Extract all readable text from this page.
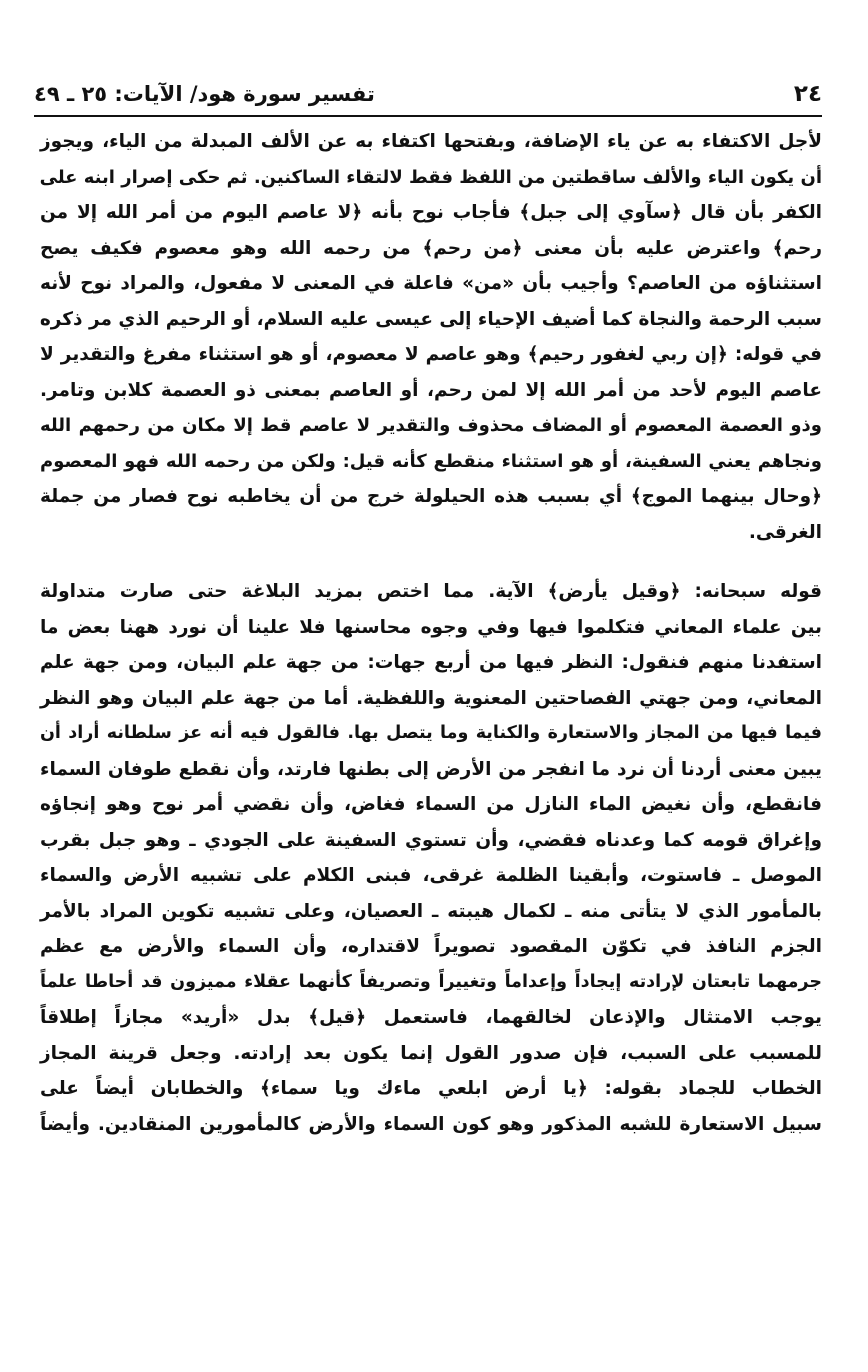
٢٤
تفسير سورة هود/ الآيات: ٢٥ ـ ٤٩

لأجل الاكتفاء به عن ياء الإضافة، وبفتحها اكتفاء به عن الألف المبدلة من الياء، ويجوز

أن يكون الياء والألف ساقطتين من اللفظ فقط لالتقاء الساكنين. ثم حكى إصرار ابنه على

الكفر بأن قال ﴿سآوي إلى جبل﴾ فأجاب نوح بأنه ﴿لا عاصم اليوم من أمر الله إلا من

رحم﴾ واعترض عليه بأن معنى ﴿من رحم﴾ من رحمه الله وهو معصوم فكيف يصح

استثناؤه من العاصم؟ وأجيب بأن «من» فاعلة في المعنى لا مفعول، والمراد نوح لأنه

سبب الرحمة والنجاة كما أضيف الإحياء إلى عيسى عليه السلام، أو الرحيم الذي مر ذكره

في قوله: ﴿إن ربي لغفور رحيم﴾ وهو عاصم لا معصوم، أو هو استثناء مفرغ والتقدير لا

عاصم اليوم لأحد من أمر الله إلا لمن رحم، أو العاصم بمعنى ذو العصمة كلابن وتامر.

وذو العصمة المعصوم أو المضاف محذوف والتقدير لا عاصم قط إلا مكان من رحمهم الله

ونجاهم يعني السفينة، أو هو استثناء منقطع كأنه قيل: ولكن من رحمه الله فهو المعصوم

﴿وحال بينهما الموج﴾ أي بسبب هذه الحيلولة خرج من أن يخاطبه نوح فصار من جملة

الغرقى.

قوله سبحانه: ﴿وقيل يأرض﴾ الآية. مما اختص بمزيد البلاغة حتى صارت متداولة

بين علماء المعاني فتكلموا فيها وفي وجوه محاسنها فلا علينا أن نورد ههنا بعض ما

استفدنا منهم فنقول: النظر فيها من أربع جهات: من جهة علم البيان، ومن جهة علم

المعاني، ومن جهتي الفصاحتين المعنوية واللفظية. أما من جهة علم البيان وهو النظر

فيما فيها من المجاز والاستعارة والكناية وما يتصل بها. فالقول فيه أنه عز سلطانه أراد أن

يبين معنى أردنا أن نرد ما انفجر من الأرض إلى بطنها فارتد، وأن نقطع طوفان السماء

فانقطع، وأن نغيض الماء النازل من السماء فغاض، وأن نقضي أمر نوح وهو إنجاؤه

وإغراق قومه كما وعدناه فقضي، وأن تستوي السفينة على الجودي ـ وهو جبل بقرب

الموصل ـ فاستوت، وأبقينا الظلمة غرقى، فبنى الكلام على تشبيه الأرض والسماء

بالمأمور الذي لا يتأتى منه ـ لكمال هيبته ـ العصيان، وعلى تشبيه تكوين المراد بالأمر

الجزم النافذ في تكوّن المقصود تصويراً لاقتداره، وأن السماء والأرض مع عظم

جرمهما تابعتان لإرادته إيجاداً وإعداماً وتغييراً وتصريفاً كأنهما عقلاء مميزون قد أحاطا علماً

يوجب الامتثال والإذعان لخالقهما، فاستعمل ﴿قيل﴾ بدل «أريد» مجازاً إطلاقاً

للمسبب على السبب، فإن صدور القول إنما يكون بعد إرادته. وجعل قرينة المجاز

الخطاب للجماد بقوله: ﴿يا أرض ابلعي ماءك ويا سماء﴾ والخطابان أيضاً على

سبيل الاستعارة للشبه المذكور وهو كون السماء والأرض كالمأمورين المنقادين. وأيضاً
